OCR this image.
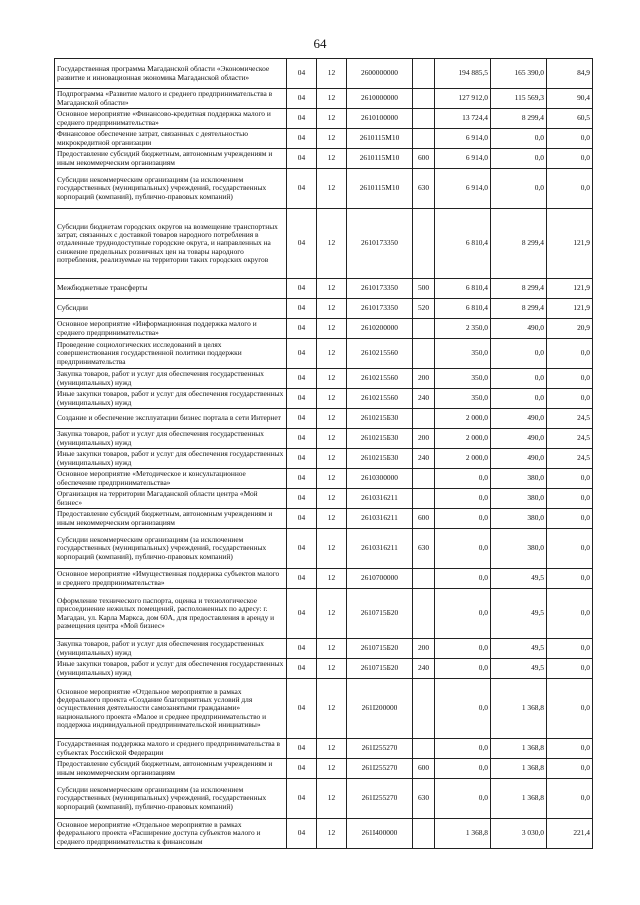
64
Государственная программа Магаданской области «Экономическое развитие и инновационная экономика Магаданской области»	04	12	2600000000		194 885,5	165 390,0	84,9
Подпрограмма «Развитие малого и среднего предпринимательства в Магаданской области»	04	12	2610000000		127 912,0	115 569,3	90,4
Основное мероприятие «Финансово-кредитная поддержка малого и среднего предпринимательства»	04	12	2610100000		13 724,4	8 299,4	60,5
Финансовое обеспечение затрат, связанных с деятельностью микрокредитной организации	04	12	2610115М10		6 914,0	0,0	0,0
Предоставление субсидий бюджетным, автономным учреждениям и иным некоммерческим организациям	04	12	2610115М10	600	6 914,0	0,0	0,0
Субсидии некоммерческим организациям (за исключением государственных (муниципальных) учреждений, государственных корпораций (компаний), публично-правовых компаний)	04	12	2610115М10	630	6 914,0	0,0	0,0
Субсидии бюджетам городских округов на возмещение транспортных затрат, связанных с доставкой товаров народного потребления в отдаленные труднодоступные городские округа, и направленных на снижение предельных розничных цен на товары народного потребления, реализуемые на территории таких городских округов	04	12	2610173350		6 810,4	8 299,4	121,9
Межбюджетные трансферты	04	12	2610173350	500	6 810,4	8 299,4	121,9
Субсидии	04	12	2610173350	520	6 810,4	8 299,4	121,9
Основное мероприятие «Информационная поддержка малого и среднего предпринимательства»	04	12	2610200000		2 350,0	490,0	20,9
Проведение социологических исследований в целях совершенствования государственной политики поддержки предпринимательства	04	12	2610215560		350,0	0,0	0,0
Закупка товаров, работ и услуг для обеспечения государственных (муниципальных) нужд	04	12	2610215560	200	350,0	0,0	0,0
Иные закупки товаров, работ и услуг для обеспечения государственных (муниципальных) нужд	04	12	2610215560	240	350,0	0,0	0,0
Создание и обеспечение эксплуатации бизнес портала в сети Интернет	04	12	2610215Б30		2 000,0	490,0	24,5
Закупка товаров, работ и услуг для обеспечения государственных (муниципальных) нужд	04	12	2610215Б30	200	2 000,0	490,0	24,5
Иные закупки товаров, работ и услуг для обеспечения государственных (муниципальных) нужд	04	12	2610215Б30	240	2 000,0	490,0	24,5
Основное мероприятие «Методическое и консультационное обеспечение предпринимательства»	04	12	2610300000		0,0	380,0	0,0
Организация на территории Магаданской области центра «Мой бизнес»	04	12	2610316211		0,0	380,0	0,0
Предоставление субсидий бюджетным, автономным учреждениям и иным некоммерческим организациям	04	12	2610316211	600	0,0	380,0	0,0
Субсидии некоммерческим организациям (за исключением государственных (муниципальных) учреждений, государственных корпораций (компаний), публично-правовых компаний)	04	12	2610316211	630	0,0	380,0	0,0
Основное мероприятие «Имущественная поддержка субъектов малого и среднего предпринимательства»	04	12	2610700000		0,0	49,5	0,0
Оформление технического паспорта, оценка и технологическое присоединение нежилых помещений, расположенных по адресу: г. Магадан, ул. Карла Маркса, дом 60А, для предоставления в аренду и размещения центра «Мой бизнес»	04	12	2610715Б20		0,0	49,5	0,0
Закупка товаров, работ и услуг для обеспечения государственных (муниципальных) нужд	04	12	2610715Б20	200	0,0	49,5	0,0
Иные закупки товаров, работ и услуг для обеспечения государственных (муниципальных) нужд	04	12	2610715Б20	240	0,0	49,5	0,0
Основное мероприятие «Отдельное мероприятие в рамках федерального проекта «Создание благоприятных условий для осуществления деятельности самозанятыми гражданами» национального проекта «Малое и среднее предпринимательство и поддержка индивидуальной предпринимательской инициативы»	04	12	261I200000		0,0	1 368,8	0,0
Государственная поддержка малого и среднего предпринимательства в субъектах Российской Федерации	04	12	261I255270		0,0	1 368,8	0,0
Предоставление субсидий бюджетным, автономным учреждениям и иным некоммерческим организациям	04	12	261I255270	600	0,0	1 368,8	0,0
Субсидии некоммерческим организациям (за исключением государственных (муниципальных) учреждений, государственных корпораций (компаний), публично-правовых компаний)	04	12	261I255270	630	0,0	1 368,8	0,0
Основное мероприятие «Отдельное мероприятие в рамках федерального проекта «Расширение доступа субъектов малого и среднего предпринимательства к финансовым	04	12	261I400000		1 368,8	3 030,0	221,4
